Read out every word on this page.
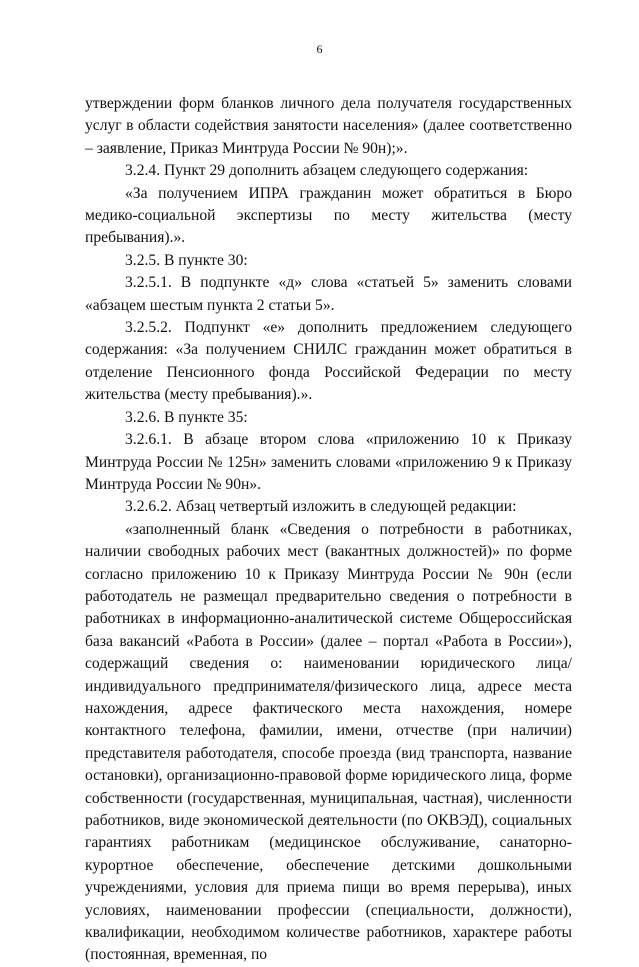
6

утверждении форм бланков личного дела получателя государственных услуг в области содействия занятости населения» (далее соответственно – заявление, Приказ Минтруда России № 90н);».

3.2.4. Пункт 29 дополнить абзацем следующего содержания:

«За получением ИПРА гражданин может обратиться в Бюро медико-социальной экспертизы по месту жительства (месту пребывания).».

3.2.5. В пункте 30:

3.2.5.1. В подпункте «д» слова «статьей 5» заменить словами «абзацем шестым пункта 2 статьи 5».

3.2.5.2. Подпункт «е» дополнить предложением следующего содержания: «За получением СНИЛС гражданин может обратиться в отделение Пенсионного фонда Российской Федерации по месту жительства (месту пребывания).».

3.2.6. В пункте 35:

3.2.6.1. В абзаце втором слова «приложению 10 к Приказу Минтруда России № 125н» заменить словами «приложению 9 к Приказу Минтруда России № 90н».

3.2.6.2. Абзац четвертый изложить в следующей редакции:

«заполненный бланк «Сведения о потребности в работниках, наличии свободных рабочих мест (вакантных должностей)» по форме согласно приложению 10 к Приказу Минтруда России № 90н (если работодатель не размещал предварительно сведения о потребности в работниках в информационно-аналитической системе Общероссийская база вакансий «Работа в России» (далее – портал «Работа в России»), содержащий сведения о: наименовании юридического лица/индивидуального предпринимателя/физического лица, адресе места нахождения, адресе фактического места нахождения, номере контактного телефона, фамилии, имени, отчестве (при наличии) представителя работодателя, способе проезда (вид транспорта, название остановки), организационно-правовой форме юридического лица, форме собственности (государственная, муниципальная, частная), численности работников, виде экономической деятельности (по ОКВЭД), социальных гарантиях работникам (медицинское обслуживание, санаторно-курортное обеспечение, обеспечение детскими дошкольными учреждениями, условия для приема пищи во время перерыва), иных условиях, наименовании профессии (специальности, должности), квалификации, необходимом количестве работников, характере работы (постоянная, временная, по
